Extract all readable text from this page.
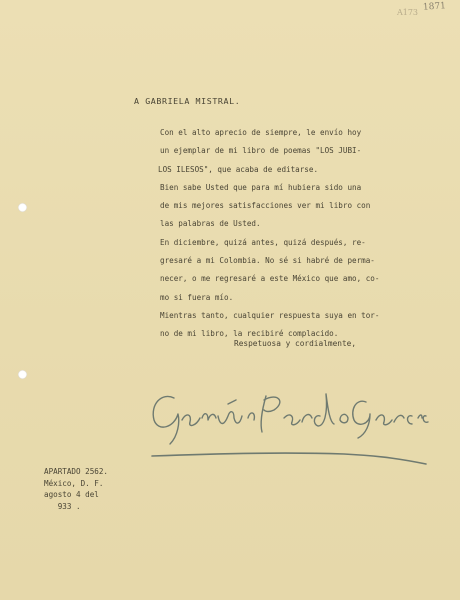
1871
A173
A GABRIELA MISTRAL.
Con el alto aprecio de siempre, le envío hoy
un ejemplar de mi libro de poemas "LOS JUBI-
LOS ILESOS", que acaba de editarse.
Bien sabe Usted que para mí hubiera sido una
de mis mejores satisfacciones ver mi libro con
las palabras de Usted.
En diciembre, quizá antes, quizá después, re-
gresaré a mi Colombia. No sé si habré de perma-
necer, o me regresaré a este México que amo, co-
mo si fuera mío.
Mientras tanto, cualquier respuesta suya en tor-
no de mi libro, la recibiré complacido.
Respetuosa y cordialmente,
Germán Pardo García
APARTADO 2562.
México, D. F.
agosto 4 del
933 .
